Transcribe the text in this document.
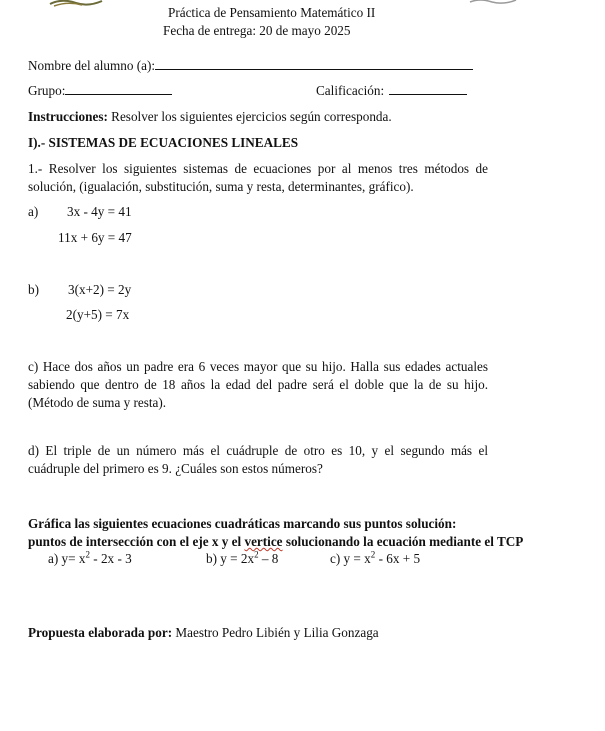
Práctica de Pensamiento Matemático II
Fecha de entrega: 20 de mayo 2025
Nombre del alumno (a):
Grupo:	Calificación:
Instrucciones: Resolver los siguientes ejercicios según corresponda.
I).- SISTEMAS DE ECUACIONES LINEALES
1.- Resolver los siguientes sistemas de ecuaciones por al menos tres métodos de solución, (igualación, substitución, suma y resta, determinantes, gráfico).
a) 3x - 4y = 41
11x + 6y = 47
b) 3(x+2) = 2y
2(y+5) = 7x
c) Hace dos años un padre era 6 veces mayor que su hijo. Halla sus edades actuales sabiendo que dentro de 18 años la edad del padre será el doble que la de su hijo. (Método de suma y resta).
d) El triple de un número más el cuádruple de otro es 10, y el segundo más el cuádruple del primero es 9. ¿Cuáles son estos números?
Gráfica las siguientes ecuaciones cuadráticas marcando sus puntos solución:
puntos de intersección con el eje x y el vertice solucionando la ecuación mediante el TCP
a) $y= x^2 - 2x - 3$	b) $y = 2x^2 - 8$	c) $y = x^2 - 6x + 5$
Propuesta elaborada por: Maestro Pedro Libién y Lilia Gonzaga
